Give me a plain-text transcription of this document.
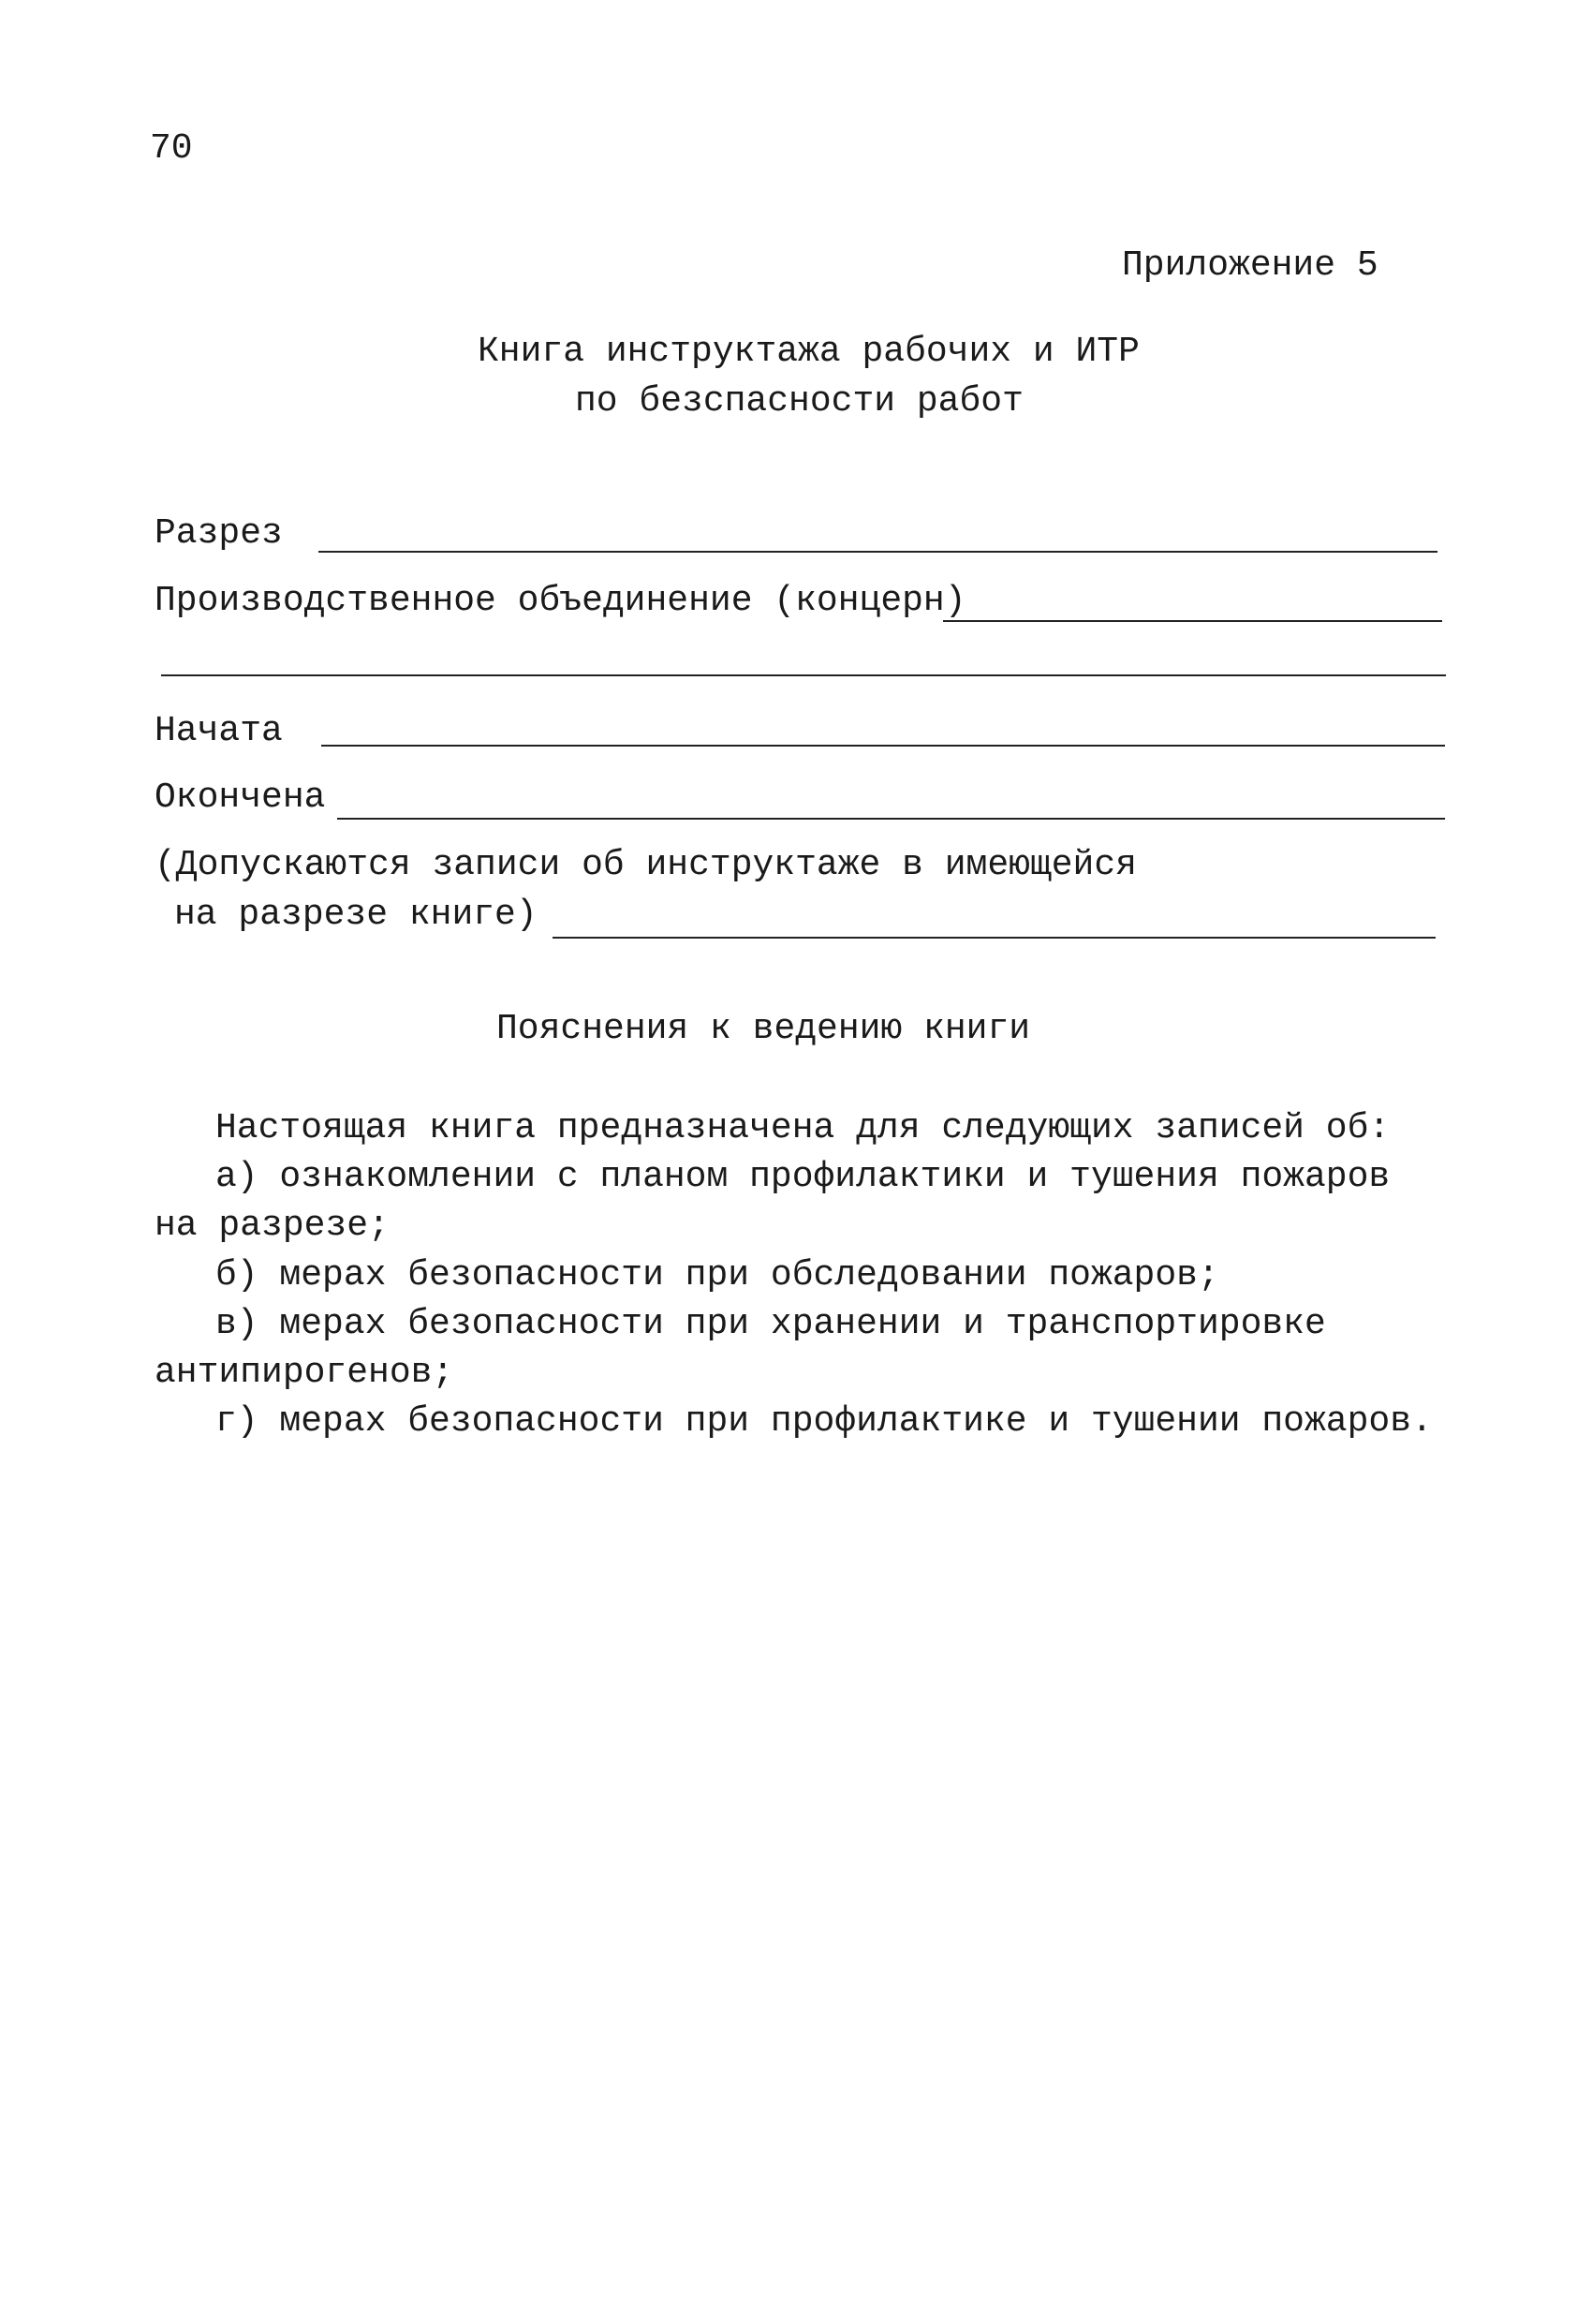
70
Приложение 5
Книга инструктажа рабочих и ИТР
по безспасности работ
Разрез
Производственное объединение (концерн)
Начата
Окончена
(Допускаются записи об инструктаже в имеющейся
на разрезе книге)
Пояснения к ведению книги
Настоящая книга предназначена для следующих записей об:
а) ознакомлении с планом профилактики и тушения пожаров
на разрезе;
б) мерах безопасности при обследовании пожаров;
в) мерах безопасности при хранении и транспортировке
антипирогенов;
г) мерах безопасности при профилактике и тушении пожаров.
